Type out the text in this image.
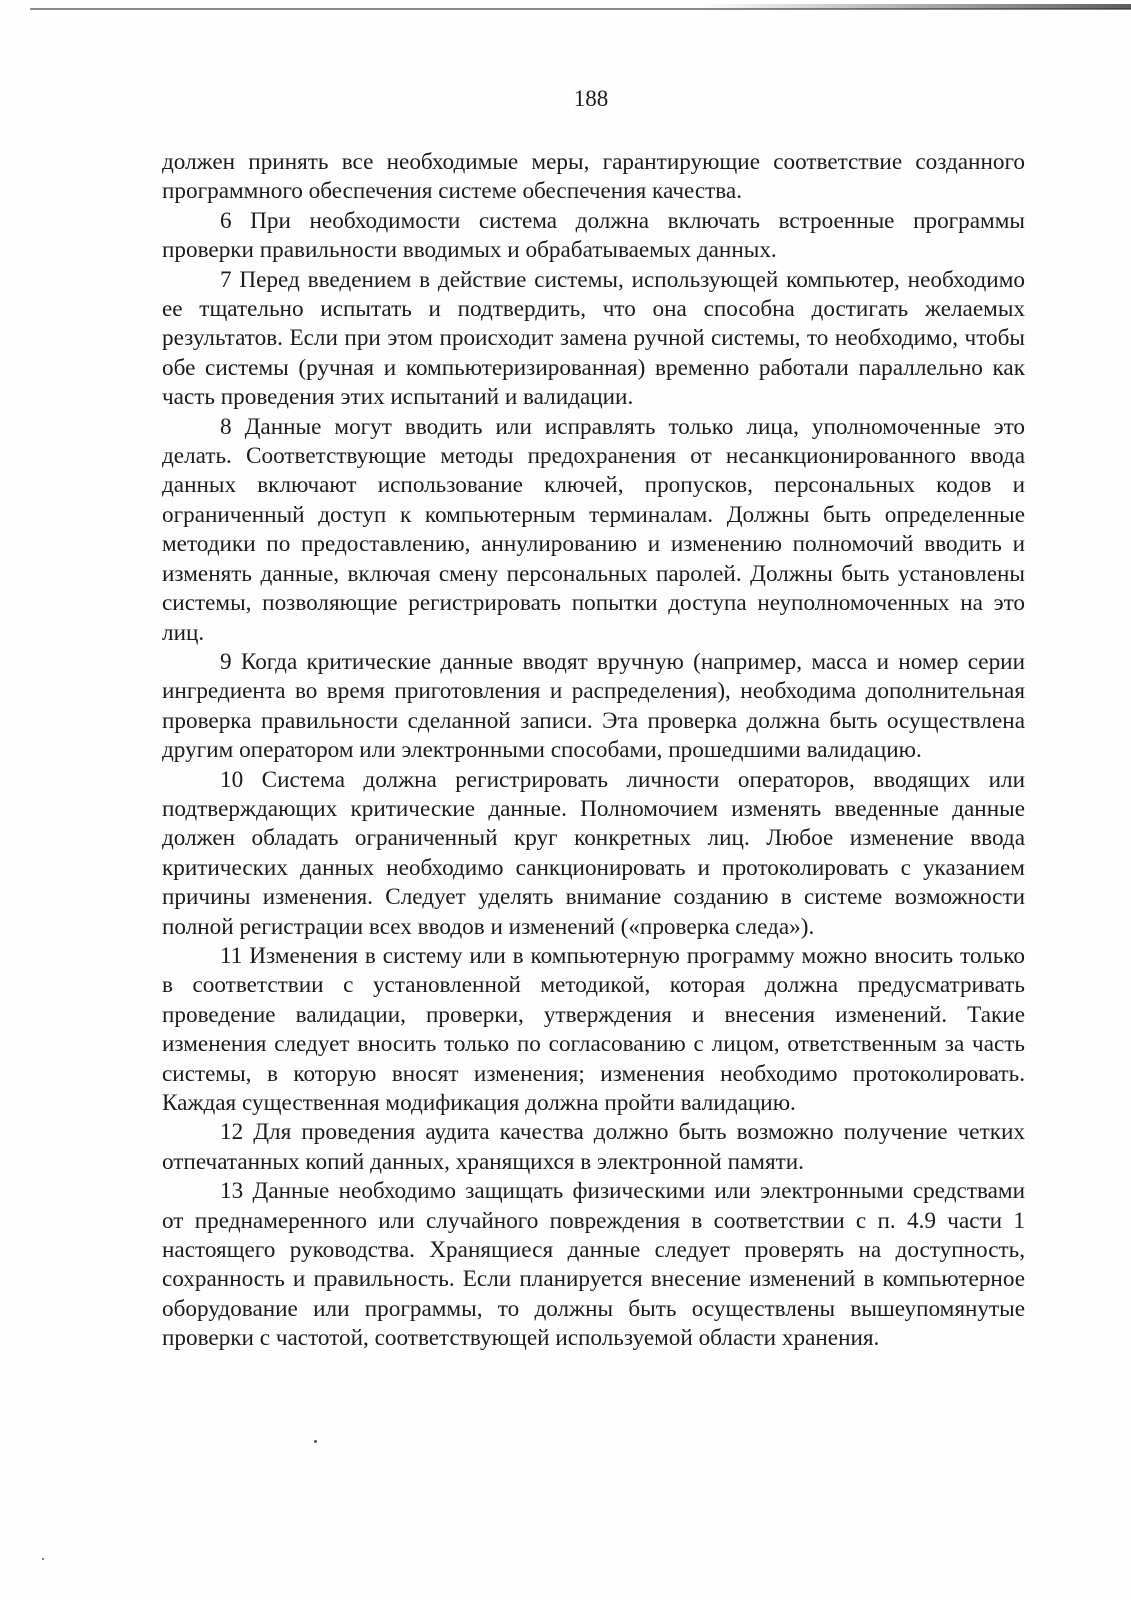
188

должен принять все необходимые меры, гарантирующие соответствие созданного программного обеспечения системе обеспечения качества.

6 При необходимости система должна включать встроенные программы проверки правильности вводимых и обрабатываемых данных.

7 Перед введением в действие системы, использующей компьютер, необходимо ее тщательно испытать и подтвердить, что она способна достигать желаемых результатов. Если при этом происходит замена ручной системы, то необходимо, чтобы обе системы (ручная и компьютеризированная) временно работали параллельно как часть проведения этих испытаний и валидации.

8 Данные могут вводить или исправлять только лица, уполномоченные это делать. Соответствующие методы предохранения от несанкционированного ввода данных включают использование ключей, пропусков, персональных кодов и ограниченный доступ к компьютерным терминалам. Должны быть определенные методики по предоставлению, аннулированию и изменению полномочий вводить и изменять данные, включая смену персональных паролей. Должны быть установлены системы, позволяющие регистрировать попытки доступа неуполномоченных на это лиц.

9 Когда критические данные вводят вручную (например, масса и номер серии ингредиента во время приготовления и распределения), необходима дополнительная проверка правильности сделанной записи. Эта проверка должна быть осуществлена другим оператором или электронными способами, прошедшими валидацию.

10 Система должна регистрировать личности операторов, вводящих или подтверждающих критические данные. Полномочием изменять введенные данные должен обладать ограниченный круг конкретных лиц. Любое изменение ввода критических данных необходимо санкционировать и протоколировать с указанием причины изменения. Следует уделять внимание созданию в системе возможности полной регистрации всех вводов и изменений («проверка следа»).

11 Изменения в систему или в компьютерную программу можно вносить только в соответствии с установленной методикой, которая должна предусматривать проведение валидации, проверки, утверждения и внесения изменений. Такие изменения следует вносить только по согласованию с лицом, ответственным за часть системы, в которую вносят изменения; изменения необходимо протоколировать. Каждая существенная модификация должна пройти валидацию.

12 Для проведения аудита качества должно быть возможно получение четких отпечатанных копий данных, хранящихся в электронной памяти.

13 Данные необходимо защищать физическими или электронными средствами от преднамеренного или случайного повреждения в соответствии с п. 4.9 части 1 настоящего руководства. Хранящиеся данные следует проверять на доступность, сохранность и правильность. Если планируется внесение изменений в компьютерное оборудование или программы, то должны быть осуществлены вышеупомянутые проверки с частотой, соответствующей используемой области хранения.
